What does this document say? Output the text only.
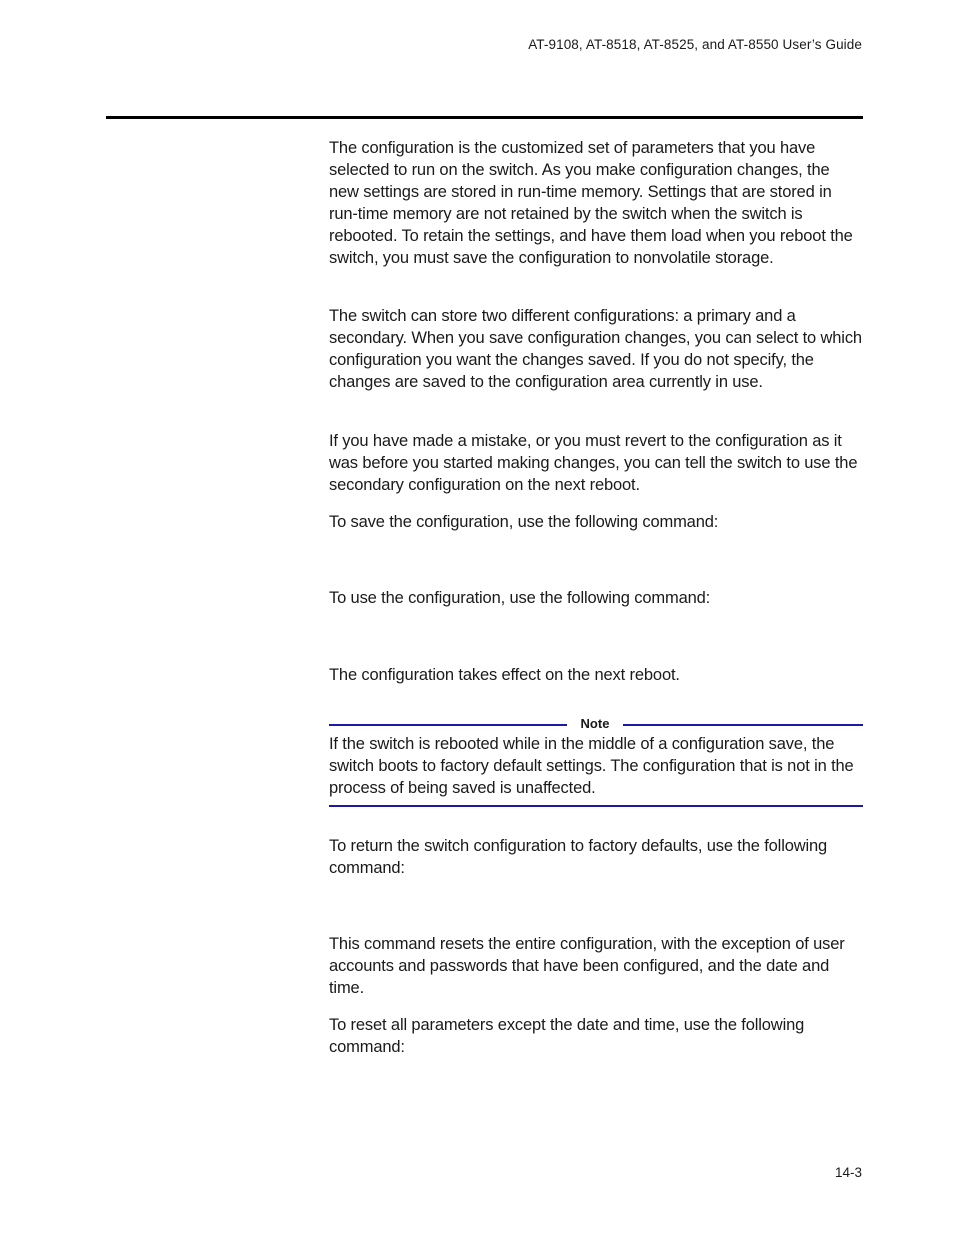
AT-9108, AT-8518, AT-8525, and AT-8550 User’s Guide

The configuration is the customized set of parameters that you have selected to run on the switch. As you make configuration changes, the new settings are stored in run-time memory. Settings that are stored in run-time memory are not retained by the switch when the switch is rebooted. To retain the settings, and have them load when you reboot the switch, you must save the configuration to nonvolatile storage.

The switch can store two different configurations: a primary and a secondary. When you save configuration changes, you can select to which configuration you want the changes saved. If you do not specify, the changes are saved to the configuration area currently in use.

If you have made a mistake, or you must revert to the configuration as it was before you started making changes, you can tell the switch to use the secondary configuration on the next reboot.

To save the configuration, use the following command:

To use the configuration, use the following command:

The configuration takes effect on the next reboot.

If the switch is rebooted while in the middle of a configuration save, the switch boots to factory default settings. The configuration that is not in the process of being saved is unaffected.

To return the switch configuration to factory defaults, use the following command:

This command resets the entire configuration, with the exception of user accounts and passwords that have been configured, and the date and time.

To reset all parameters except the date and time, use the following command:

Note
14-3
